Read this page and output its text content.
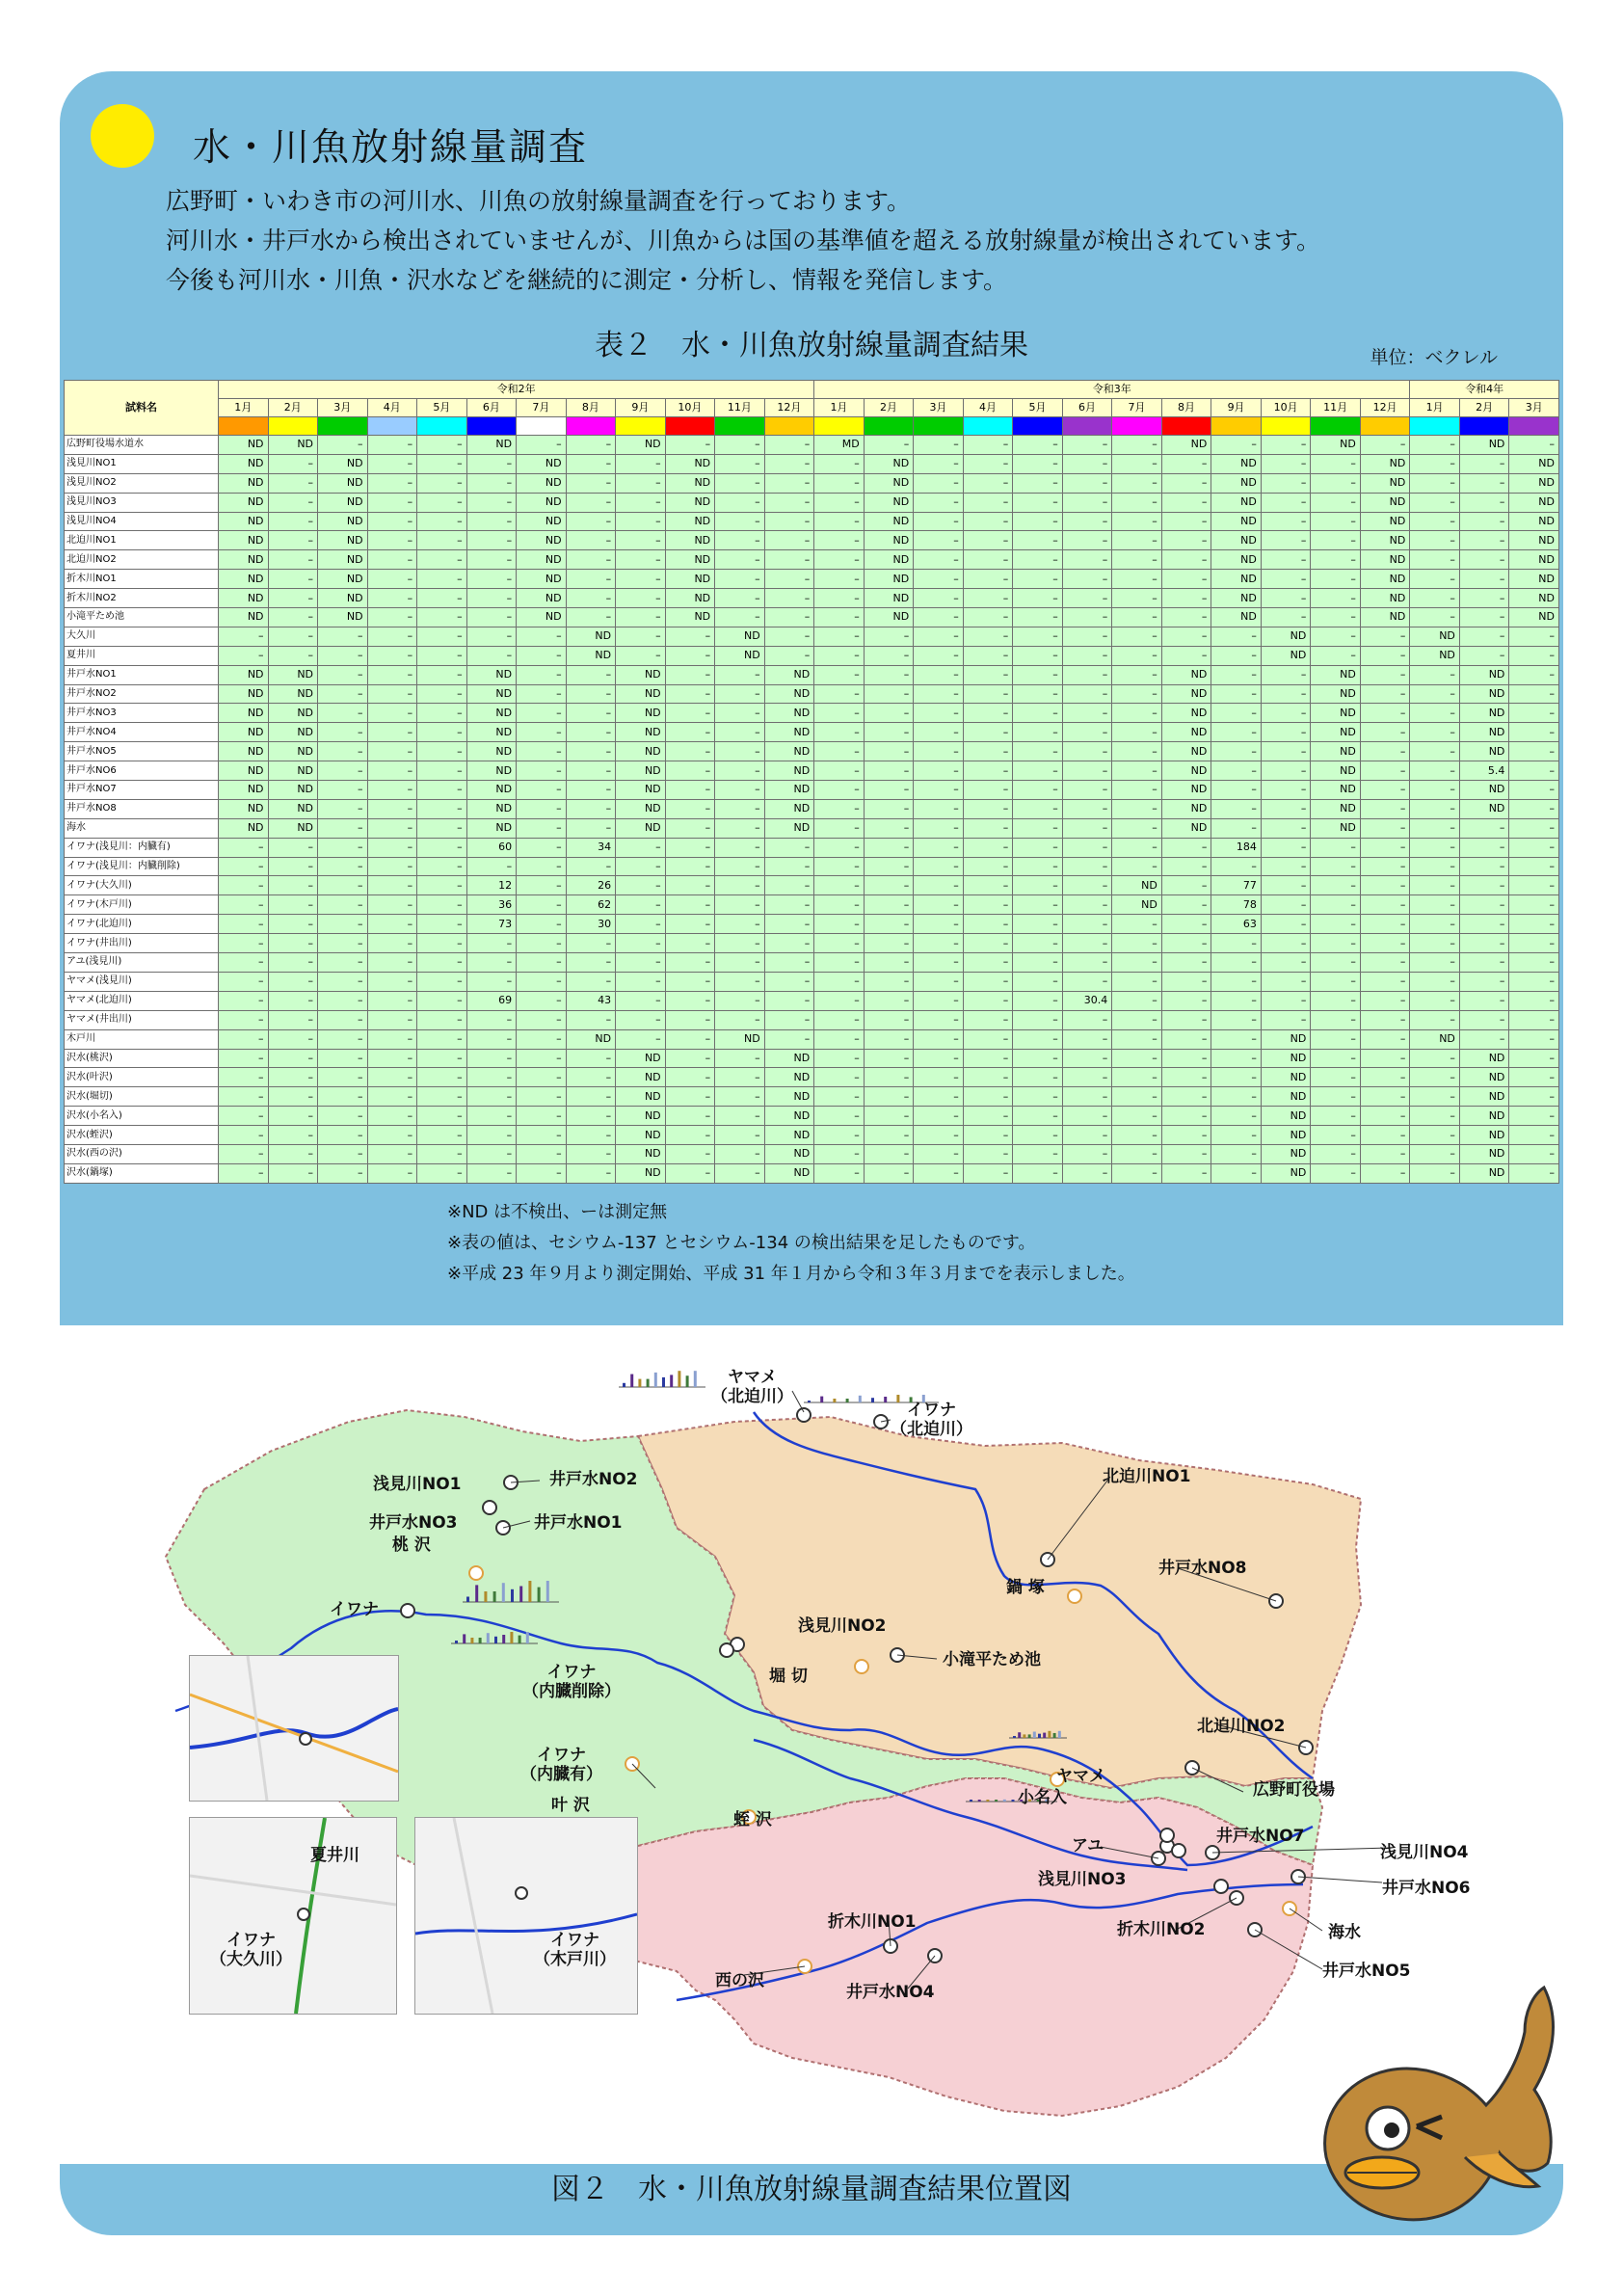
水・川魚放射線量調査
広野町・いわき市の河川水、川魚の放射線量調査を行っております。
河川水・井戸水から検出されていませんが、川魚からは国の基準値を超える放射線量が検出されています。
今後も河川水・川魚・沢水などを継続的に測定・分析し、情報を発信します。
表２　水・川魚放射線量調査結果	単位：ベクレル
試料名	令和2年												令和3年												令和4年		
	1月	2月	3月	4月	5月	6月	7月	8月	9月	10月	11月	12月	1月	2月	3月	4月	5月	6月	7月	8月	9月	10月	11月	12月	1月	2月	3月

広野町役場水道水	ND	ND	–	–	–	ND	–	–	ND	–	–	–	MD	–	–	–	–	–	–	ND	–	–	ND	–	–	ND	–
浅見川NO1	ND	–	ND	–	–	–	ND	–	–	ND	–	–	–	ND	–	–	–	–	–	–	ND	–	–	ND	–	–	ND
浅見川NO2	ND	–	ND	–	–	–	ND	–	–	ND	–	–	–	ND	–	–	–	–	–	–	ND	–	–	ND	–	–	ND
浅見川NO3	ND	–	ND	–	–	–	ND	–	–	ND	–	–	–	ND	–	–	–	–	–	–	ND	–	–	ND	–	–	ND
浅見川NO4	ND	–	ND	–	–	–	ND	–	–	ND	–	–	–	ND	–	–	–	–	–	–	ND	–	–	ND	–	–	ND
北迫川NO1	ND	–	ND	–	–	–	ND	–	–	ND	–	–	–	ND	–	–	–	–	–	–	ND	–	–	ND	–	–	ND
北迫川NO2	ND	–	ND	–	–	–	ND	–	–	ND	–	–	–	ND	–	–	–	–	–	–	ND	–	–	ND	–	–	ND
折木川NO1	ND	–	ND	–	–	–	ND	–	–	ND	–	–	–	ND	–	–	–	–	–	–	ND	–	–	ND	–	–	ND
折木川NO2	ND	–	ND	–	–	–	ND	–	–	ND	–	–	–	ND	–	–	–	–	–	–	ND	–	–	ND	–	–	ND
小滝平ため池	ND	–	ND	–	–	–	ND	–	–	ND	–	–	–	ND	–	–	–	–	–	–	ND	–	–	ND	–	–	ND
大久川	–	–	–	–	–	–	–	ND	–	–	ND	–	–	–	–	–	–	–	–	–	–	ND	–	–	ND	–	–
夏井川	–	–	–	–	–	–	–	ND	–	–	ND	–	–	–	–	–	–	–	–	–	–	ND	–	–	ND	–	–
井戸水NO1	ND	ND	–	–	–	ND	–	–	ND	–	–	ND	–	–	–	–	–	–	–	ND	–	–	ND	–	–	ND	–
井戸水NO2	ND	ND	–	–	–	ND	–	–	ND	–	–	ND	–	–	–	–	–	–	–	ND	–	–	ND	–	–	ND	–
井戸水NO3	ND	ND	–	–	–	ND	–	–	ND	–	–	ND	–	–	–	–	–	–	–	ND	–	–	ND	–	–	ND	–
井戸水NO4	ND	ND	–	–	–	ND	–	–	ND	–	–	ND	–	–	–	–	–	–	–	ND	–	–	ND	–	–	ND	–
井戸水NO5	ND	ND	–	–	–	ND	–	–	ND	–	–	ND	–	–	–	–	–	–	–	ND	–	–	ND	–	–	ND	–
井戸水NO6	ND	ND	–	–	–	ND	–	–	ND	–	–	ND	–	–	–	–	–	–	–	ND	–	–	ND	–	–	5.4	–
井戸水NO7	ND	ND	–	–	–	ND	–	–	ND	–	–	ND	–	–	–	–	–	–	–	ND	–	–	ND	–	–	ND	–
井戸水NO8	ND	ND	–	–	–	ND	–	–	ND	–	–	ND	–	–	–	–	–	–	–	ND	–	–	ND	–	–	ND	–
海水	ND	ND	–	–	–	ND	–	–	ND	–	–	ND	–	–	–	–	–	–	–	ND	–	–	ND	–	–	–	–
イワナ(浅見川：内臓有)	–	–	–	–	–	60	–	34	–	–	–	–	–	–	–	–	–	–	–	–	184	–	–	–	–	–	–
イワナ(浅見川：内臓削除)	–	–	–	–	–	–	–	–	–	–	–	–	–	–	–	–	–	–	–	–	–	–	–	–	–	–	–
イワナ(大久川)	–	–	–	–	–	12	–	26	–	–	–	–	–	–	–	–	–	–	ND	–	77	–	–	–	–	–	–
イワナ(木戸川)	–	–	–	–	–	36	–	62	–	–	–	–	–	–	–	–	–	–	ND	–	78	–	–	–	–	–	–
イワナ(北迫川)	–	–	–	–	–	73	–	30	–	–	–	–	–	–	–	–	–	–	–	–	63	–	–	–	–	–	–
イワナ(井出川)	–	–	–	–	–	–	–	–	–	–	–	–	–	–	–	–	–	–	–	–	–	–	–	–	–	–	–
アユ(浅見川)	–	–	–	–	–	–	–	–	–	–	–	–	–	–	–	–	–	–	–	–	–	–	–	–	–	–	–
ヤマメ(浅見川)	–	–	–	–	–	–	–	–	–	–	–	–	–	–	–	–	–	–	–	–	–	–	–	–	–	–	–
ヤマメ(北迫川)	–	–	–	–	–	69	–	43	–	–	–	–	–	–	–	–	–	30.4	–	–	–	–	–	–	–	–	–
ヤマメ(井出川)	–	–	–	–	–	–	–	–	–	–	–	–	–	–	–	–	–	–	–	–	–	–	–	–	–	–	–
木戸川	–	–	–	–	–	–	–	ND	–	–	ND	–	–	–	–	–	–	–	–	–	–	ND	–	–	ND	–	–
沢水(桃沢)	–	–	–	–	–	–	–	–	ND	–	–	ND	–	–	–	–	–	–	–	–	–	ND	–	–	–	ND	–
沢水(叶沢)	–	–	–	–	–	–	–	–	ND	–	–	ND	–	–	–	–	–	–	–	–	–	ND	–	–	–	ND	–
沢水(堀切)	–	–	–	–	–	–	–	–	ND	–	–	ND	–	–	–	–	–	–	–	–	–	ND	–	–	–	ND	–
沢水(小名入)	–	–	–	–	–	–	–	–	ND	–	–	ND	–	–	–	–	–	–	–	–	–	ND	–	–	–	ND	–
沢水(蛭沢)	–	–	–	–	–	–	–	–	ND	–	–	ND	–	–	–	–	–	–	–	–	–	ND	–	–	–	ND	–
沢水(西の沢)	–	–	–	–	–	–	–	–	ND	–	–	ND	–	–	–	–	–	–	–	–	–	ND	–	–	–	ND	–
沢水(鍋塚)	–	–	–	–	–	–	–	–	ND	–	–	ND	–	–	–	–	–	–	–	–	–	ND	–	–	–	ND	–
※ND は不検出、ーは測定無
※表の値は、セシウム-137 とセシウム-134 の検出結果を足したものです。
※平成 23 年９月より測定開始、平成 31 年１月から令和３年３月までを表示しました。
ヤマメ
（北迫川）
イワナ
（北迫川）
北迫川NO1
浅見川NO1	井戸水NO2
井戸水NO3	井戸水NO1
桃 沢
イワナ
イワナ
（内臓削除）
イワナ
（内臓有）
鍋 塚
井戸水NO8
浅見川NO2
堀 切
小滝平ため池
北迫川NO2
叶 沢
ヤマメ
小名入	広野町役場
夏井川
蛭 沢
アユ	井戸水NO7
浅見川NO4
浅見川NO3	井戸水NO6
折木川NO1	折木川NO2	海水
井戸水NO5
西の沢
井戸水NO4
イワナ
（大久川）
イワナ
（木戸川）
図２　水・川魚放射線量調査結果位置図
